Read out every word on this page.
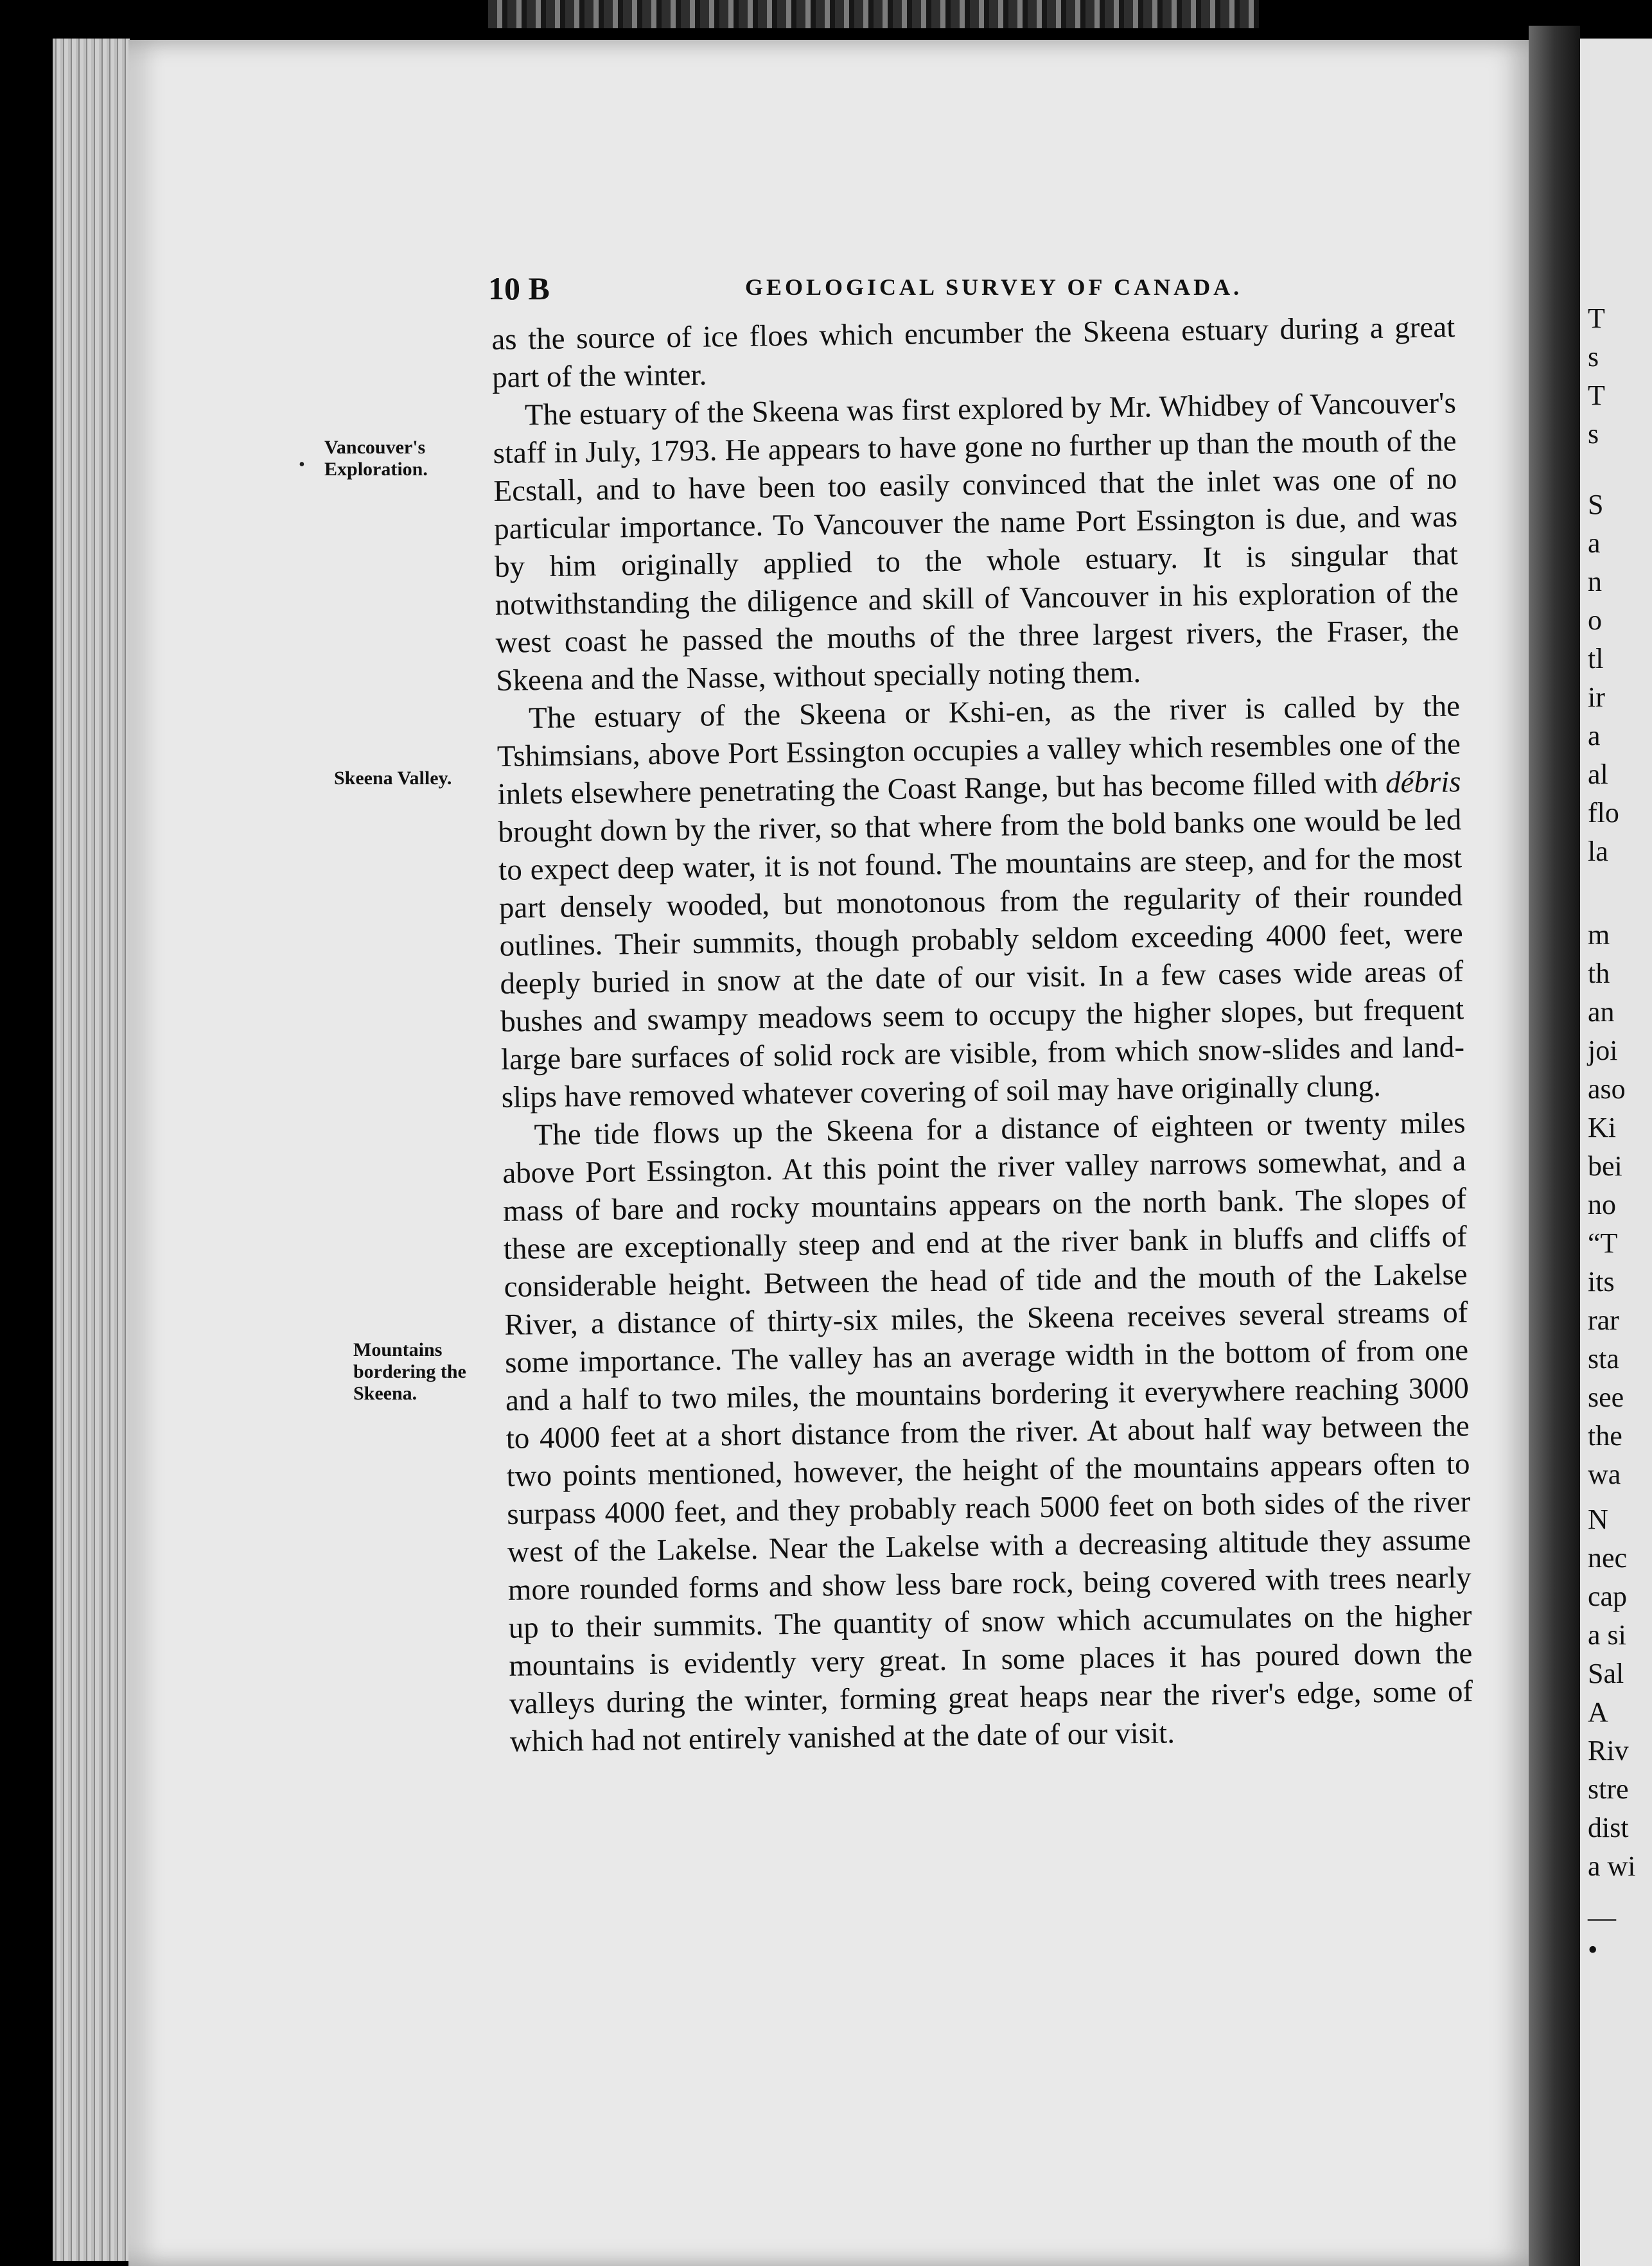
T
s
T
s
S
a
n
o
tl
ir
a
al
flo
la
m
th
an
joi
aso
Ki
bei
no
“T
its
rar
sta
see
the
wa
N
nec
cap
a si
Sal
A
Riv
stre
dist
a wi
—
•
10 B	GEOLOGICAL SURVEY OF CANADA.
Vancouver's
Exploration.
Skeena Valley.
Mountains
bordering the
Skeena.
•

as the source of ice floes which encumber the Skeena estuary during a great part of the winter.

The estuary of the Skeena was first explored by Mr. Whidbey of Vancouver's staff in July, 1793. He appears to have gone no further up than the mouth of the Ecstall, and to have been too easily convinced that the inlet was one of no particular importance. To Vancouver the name Port Essington is due, and was by him originally applied to the whole estuary. It is singular that notwithstanding the diligence and skill of Vancouver in his exploration of the west coast he passed the mouths of the three largest rivers, the Fraser, the Skeena and the Nasse, without specially noting them.

The estuary of the Skeena or Kshi-en, as the river is called by the Tshimsians, above Port Essington occupies a valley which resembles one of the inlets elsewhere penetrating the Coast Range, but has become filled with débris brought down by the river, so that where from the bold banks one would be led to expect deep water, it is not found. The mountains are steep, and for the most part densely wooded, but monotonous from the regularity of their rounded outlines. Their summits, though probably seldom exceeding 4000 feet, were deeply buried in snow at the date of our visit. In a few cases wide areas of bushes and swampy meadows seem to occupy the higher slopes, but frequent large bare surfaces of solid rock are visible, from which snow-slides and land-slips have removed whatever covering of soil may have originally clung.

The tide flows up the Skeena for a distance of eighteen or twenty miles above Port Essington. At this point the river valley narrows somewhat, and a mass of bare and rocky mountains appears on the north bank. The slopes of these are exceptionally steep and end at the river bank in bluffs and cliffs of considerable height. Between the head of tide and the mouth of the Lakelse River, a distance of thirty-six miles, the Skeena receives several streams of some importance. The valley has an average width in the bottom of from one and a half to two miles, the mountains bordering it everywhere reaching 3000 to 4000 feet at a short distance from the river. At about half way between the two points mentioned, however, the height of the mountains appears often to surpass 4000 feet, and they probably reach 5000 feet on both sides of the river west of the Lakelse. Near the Lakelse with a decreasing altitude they assume more rounded forms and show less bare rock, being covered with trees nearly up to their summits. The quantity of snow which accumulates on the higher mountains is evidently very great. In some places it has poured down the valleys during the winter, forming great heaps near the river's edge, some of which had not entirely vanished at the date of our visit.
